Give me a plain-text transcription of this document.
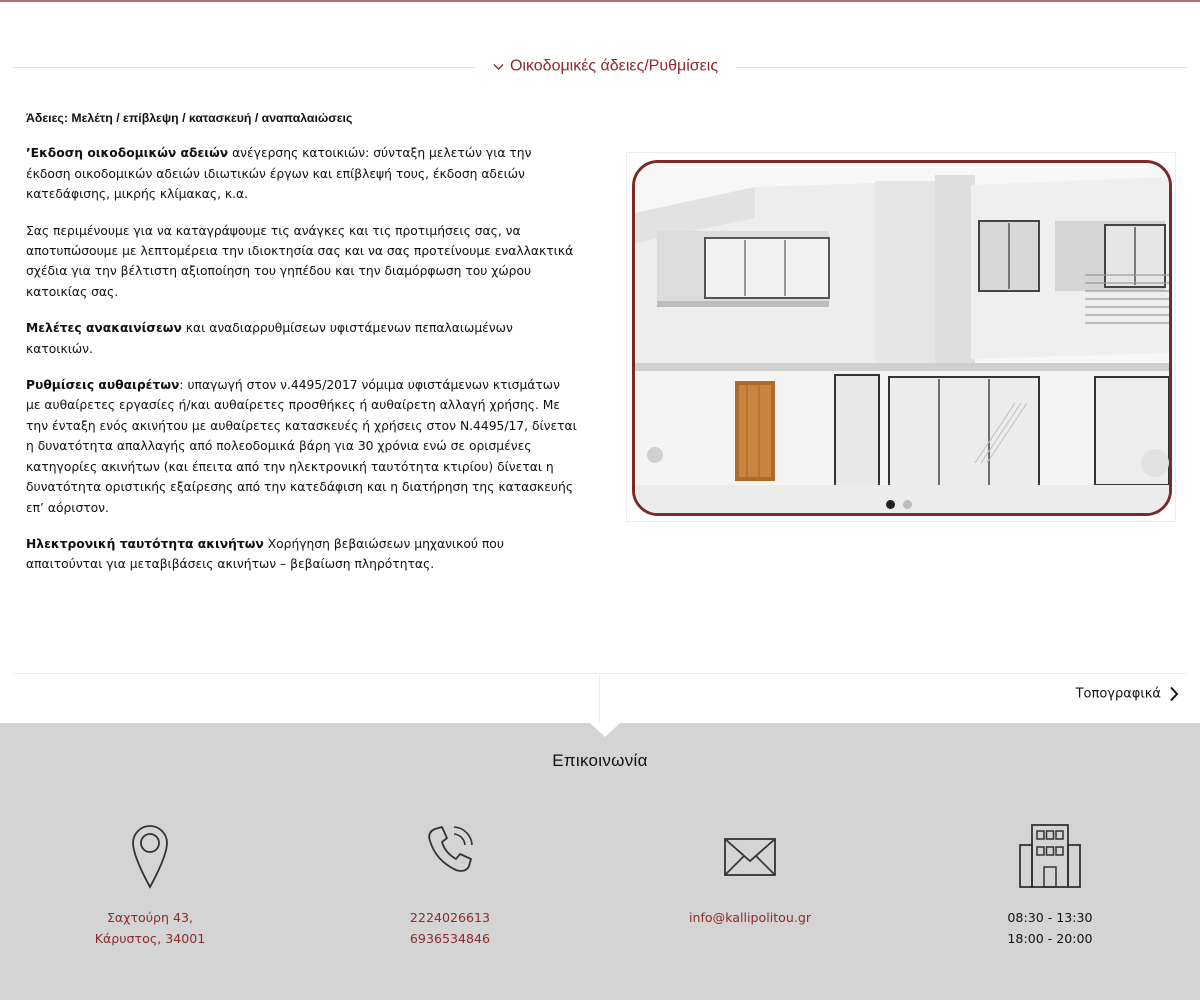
Οικοδομικές άδειες/Ρυθμίσεις

Άδειες: Μελέτη / επίβλεψη / κατασκευή / αναπαλαιώσεις

’Εκδοση οικοδομικών αδειών ανέγερσης κατοικιών: σύνταξη μελετών για την έκδοση οικοδομικών αδειών ιδιωτικών έργων και επίβλεψή τους, έκδοση αδειών κατεδάφισης, μικρής κλίμακας, κ.α.

Σας περιμένουμε για να καταγράψουμε τις ανάγκες και τις προτιμήσεις σας, να αποτυπώσουμε με λεπτομέρεια την ιδιοκτησία σας και να σας προτείνουμε εναλλακτικά σχέδια για την βέλτιστη αξιοποίηση του γηπέδου και την διαμόρφωση του χώρου κατοικίας σας.

Μελέτες ανακαινίσεων και αναδιαρρυθμίσεων υφιστάμενων πεπαλαιωμένων κατοικιών.

Ρυθμίσεις αυθαιρέτων: υπαγωγή στον ν.4495/2017 νόμιμα υφιστάμενων κτισμάτων με αυθαίρετες εργασίες ή/και αυθαίρετες προσθήκες ή αυθαίρετη αλλαγή χρήσης. Με την ένταξη ενός ακινήτου με αυθαίρετες κατασκευές ή χρήσεις στον Ν.4495/17, δίνεται η δυνατότητα απαλλαγής από πολεοδομικά βάρη για 30 χρόνια ενώ σε ορισμένες κατηγορίες ακινήτων (και έπειτα από την ηλεκτρονική ταυτότητα κτιρίου) δίνεται η δυνατότητα οριστικής εξαίρεσης από την κατεδάφιση και η διατήρηση της κατασκευής επ’ αόριστον.

Ηλεκτρονική ταυτότητα ακινήτων Χορήγηση βεβαιώσεων μηχανικού που απαιτούνται για μεταβιβάσεις ακινήτων – βεβαίωση πληρότητας.

Τοπογραφικά
Επικοινωνία
Σαχτούρη 43,
Κάρυστος, 34001
2224026613
6936534846
info@kallipolitou.gr	08:30 - 13:30
18:00 - 20:00
